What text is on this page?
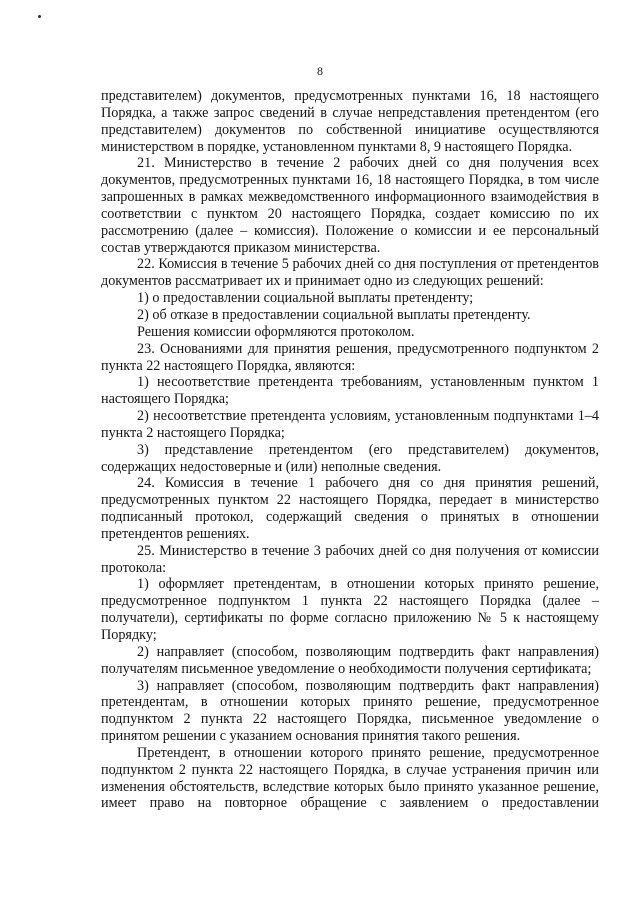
8

представителем) документов, предусмотренных пунктами 16, 18 настоящего Порядка, а также запрос сведений в случае непредставления претендентом (его представителем) документов по собственной инициативе осуществляются министерством в порядке, установленном пунктами 8, 9 настоящего Порядка.

21. Министерство в течение 2 рабочих дней со дня получения всех документов, предусмотренных пунктами 16, 18 настоящего Порядка, в том числе запрошенных в рамках межведомственного информационного взаимодействия в соответствии с пунктом 20 настоящего Порядка, создает комиссию по их рассмотрению (далее – комиссия). Положение о комиссии и ее персональный состав утверждаются приказом министерства.

22. Комиссия в течение 5 рабочих дней со дня поступления от претендентов документов рассматривает их и принимает одно из следующих решений:

1) о предоставлении социальной выплаты претенденту;

2) об отказе в предоставлении социальной выплаты претенденту.

Решения комиссии оформляются протоколом.

23. Основаниями для принятия решения, предусмотренного подпунктом 2 пункта 22 настоящего Порядка, являются:

1) несоответствие претендента требованиям, установленным пунктом 1 настоящего Порядка;

2) несоответствие претендента условиям, установленным подпунктами 1–4 пункта 2 настоящего Порядка;

3) представление претендентом (его представителем) документов, содержащих недостоверные и (или) неполные сведения.

24. Комиссия в течение 1 рабочего дня со дня принятия решений, предусмотренных пунктом 22 настоящего Порядка, передает в министерство подписанный протокол, содержащий сведения о принятых в отношении претендентов решениях.

25. Министерство в течение 3 рабочих дней со дня получения от комиссии протокола:

1) оформляет претендентам, в отношении которых принято решение, предусмотренное подпунктом 1 пункта 22 настоящего Порядка (далее – получатели), сертификаты по форме согласно приложению № 5 к настоящему Порядку;

2) направляет (способом, позволяющим подтвердить факт направления) получателям письменное уведомление о необходимости получения сертификата;

3) направляет (способом, позволяющим подтвердить факт направления) претендентам, в отношении которых принято решение, предусмотренное подпунктом 2 пункта 22 настоящего Порядка, письменное уведомление о принятом решении с указанием основания принятия такого решения.

Претендент, в отношении которого принято решение, предусмотренное подпунктом 2 пункта 22 настоящего Порядка, в случае устранения причин или изменения обстоятельств, вследствие которых было принято указанное решение, имеет право на повторное обращение с заявлением о предоставлении
